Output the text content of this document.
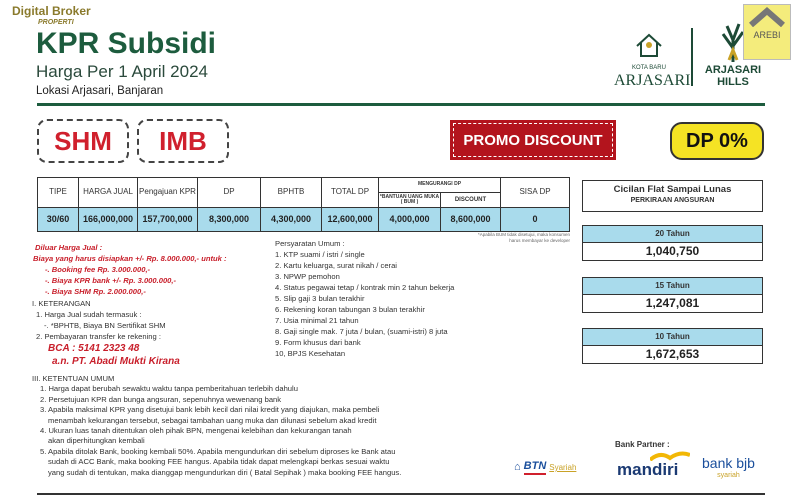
Digital Broker
PROPERTI
KPR Subsidi
Harga Per 1 April 2024
Lokasi Arjasari, Banjaran
KOTA BARU
ARJASARI
ARJASARI
HILLS
AREBI
SHM	IMB	PROMO DISCOUNT	DP 0%
TIPE	HARGA JUAL	Pengajuan KPR	DP	BPHTB	TOTAL DP	MENGURANGI DP		SISA DP
						*BANTUAN UANG MUKA ( BUM )	DISCOUNT	
30/60	166,000,000	157,700,000	8,300,000	4,300,000	12,600,000	4,000,000	8,600,000	0
*Apabila BUM tidak disetujui, maka konsumen harus membayar ke developer
Diluar Harga Jual :
Biaya yang harus disiapkan +/- Rp. 8.000.000,- untuk :
-. Booking fee Rp. 3.000.000,-
-. Biaya KPR bank +/- Rp. 3.000.000,-
-. Biaya SHM Rp. 2.000.000,-
I. KETERANGAN
1. Harga Jual sudah termasuk :
-. *BPHTB, Biaya BN Sertifikat SHM
2. Pembayaran transfer ke rekening :
BCA : 5141 2323 48
a.n. PT. Abadi Mukti Kirana
Persyaratan Umum :
1. KTP suami / istri / single
2. Kartu keluarga, surat nikah / cerai
3. NPWP pemohon
4. Status pegawai tetap / kontrak min 2 tahun bekerja
5. Slip gaji 3 bulan terakhir
6. Rekening koran tabungan 3 bulan terakhir
7. Usia minimal 21 tahun
8. Gaji single mak. 7 juta / bulan, (suami-istri) 8 juta
9. Form khusus dari bank
10, BPJS Kesehatan
III. KETENTUAN UMUM
1. Harga dapat berubah sewaktu waktu tanpa pemberitahuan terlebih dahulu
2. Persetujuan KPR dan bunga angsuran, sepenuhnya wewenang bank
3. Apabila maksimal KPR yang disetujui bank lebih kecil dari nilai kredit yang diajukan, maka pembeli
menambah kekurangan tersebut, sebagai tambahan uang muka dan dilunasi sebelum akad kredit
4. Ukuran luas tanah ditentukan oleh pihak BPN, mengenai kelebihan dan kekurangan tanah
akan diperhitungkan kembali
5. Apabila ditolak Bank, booking kembali 50%. Apabila mengundurkan diri sebelum diproses ke Bank atau
sudah di ACC Bank, maka booking FEE hangus. Apabila tidak dapat melengkapi berkas sesuai waktu
yang sudah di tentukan, maka dianggap mengundurkan diri ( Batal Sepihak ) maka booking FEE hangus.
Cicilan Flat Sampai Lunas
PERKIRAAN ANGSURAN
20 Tahun
1,040,750
15 Tahun
1,247,081
10 Tahun
1,672,653
Bank Partner :
⌂ BTN Syariah mandiri bank bjb
syariah
